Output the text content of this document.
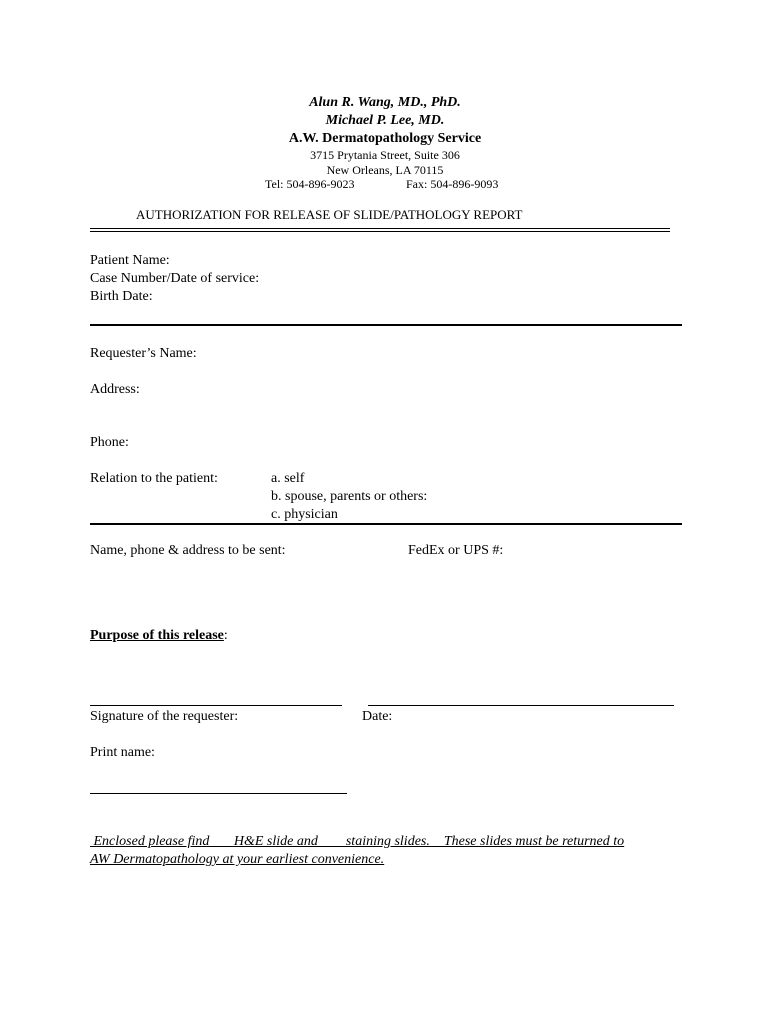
Alun R. Wang, MD., PhD.
Michael P. Lee, MD.
A.W. Dermatopathology Service
3715 Prytania Street, Suite 306
New Orleans, LA 70115
Tel: 504-896-9023	Fax: 504-896-9093
AUTHORIZATION FOR RELEASE OF SLIDE/PATHOLOGY REPORT
Patient Name:
Case Number/Date of service:
Birth Date:
Requester’s Name:
Address:
Phone:
Relation to the patient:	a. self
b. spouse, parents or others:
c. physician
Name, phone & address to be sent:	FedEx or UPS #:
Purpose of this release:
Signature of the requester:	Date:
Print name:
Enclosed please find       H&E slide and        staining slides.    These slides must be returned to
AW Dermatopathology at your earliest convenience.
